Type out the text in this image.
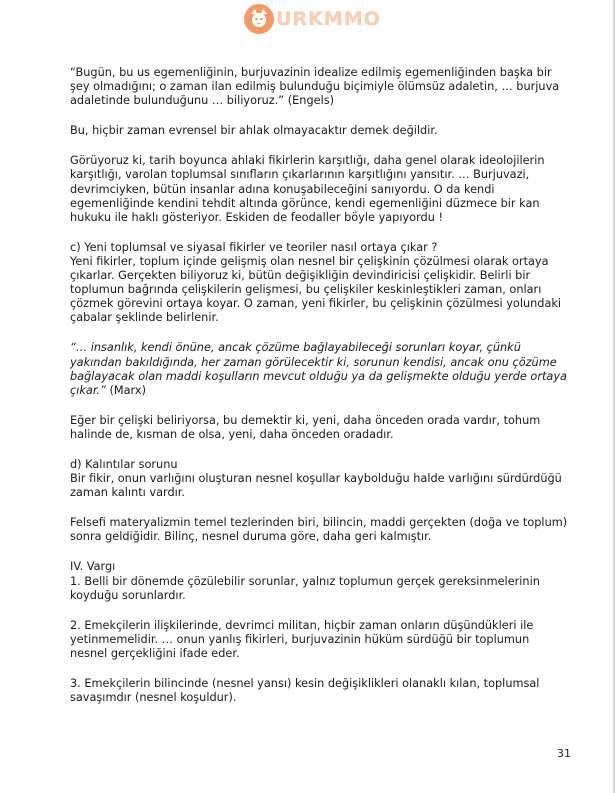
URKMMO

“Bugün, bu us egemenliğinin, burjuvazinin idealize edilmiş egemenliğinden başka bir
şey olmadığını; o zaman ilan edilmiş bulunduğu biçimiyle ölümsüz adaletin, … burjuva
adaletinde bulunduğunu … biliyoruz.” (Engels)

Bu, hiçbir zaman evrensel bir ahlak olmayacaktır demek değildir.

Görüyoruz ki, tarih boyunca ahlaki fikirlerin karşıtlığı, daha genel olarak ideolojilerin
karşıtlığı, varolan toplumsal sınıfların çıkarlarının karşıtlığını yansıtır. … Burjuvazi,
devrimciyken, bütün insanlar adına konuşabileceğini sanıyordu. O da kendi
egemenliğinde kendini tehdit altında görünce, kendi egemenliğini düzmece bir kan
hukuku ile haklı gösteriyor. Eskiden de feodaller böyle yapıyordu !

c) Yeni toplumsal ve siyasal fikirler ve teoriler nasıl ortaya çıkar ?
Yeni fikirler, toplum içinde gelişmiş olan nesnel bir çelişkinin çözülmesi olarak ortaya
çıkarlar. Gerçekten biliyoruz ki, bütün değişikliğin devindiricisi çelişkidir. Belirli bir
toplumun bağrında çelişkilerin gelişmesi, bu çelişkiler keskinleştikleri zaman, onları
çözmek görevini ortaya koyar. O zaman, yeni fikirler, bu çelişkinin çözülmesi yolundaki
çabalar şeklinde belirlenir.

“… insanlık, kendi önüne, ancak çözüme bağlayabileceği sorunları koyar, çünkü
yakından bakıldığında, her zaman görülecektir ki, sorunun kendisi, ancak onu çözüme
bağlayacak olan maddi koşulların mevcut olduğu ya da gelişmekte olduğu yerde ortaya
çıkar.” (Marx)

Eğer bir çelişki beliriyorsa, bu demektir ki, yeni, daha önceden orada vardır, tohum
halinde de, kısman de olsa, yeni, daha önceden oradadır.

d) Kalıntılar sorunu
Bir fikir, onun varlığını oluşturan nesnel koşullar kaybolduğu halde varlığını sürdürdüğü
zaman kalıntı vardır.

Felsefi materyalizmin temel tezlerinden biri, bilincin, maddi gerçekten (doğa ve toplum)
sonra geldiğidir. Bilinç, nesnel duruma göre, daha geri kalmıştır.

IV. Vargı
1. Belli bir dönemde çözülebilir sorunlar, yalnız toplumun gerçek gereksinmelerinin
koyduğu sorunlardır.

2. Emekçilerin ilişkilerinde, devrimci militan, hiçbir zaman onların düşündükleri ile
yetinmemelidir. … onun yanlış fikirleri, burjuvazinin hüküm sürdüğü bir toplumun
nesnel gerçekliğini ifade eder.

3. Emekçilerin bilincinde (nesnel yansı) kesin değişiklikleri olanaklı kılan, toplumsal
savaşımdır (nesnel koşuldur).

31
